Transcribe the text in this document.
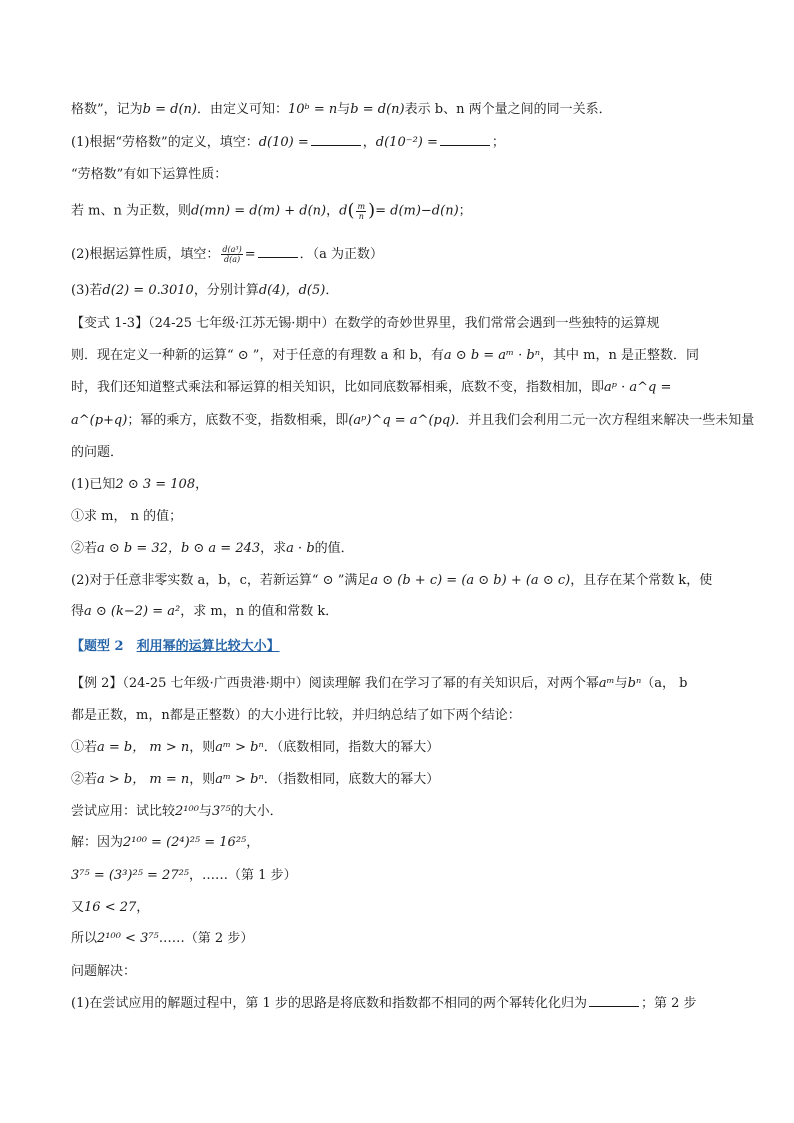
格数”，记为b = d(n)．由定义可知：10ᵇ = n与b = d(n)表示 b、n 两个量之间的同一关系．
(1)根据“劳格数”的定义，填空：d(10) =	，d(10⁻²) =	；
“劳格数”有如下运算性质：
若 m、n 为正数，则d(mn) = d(m) + d(n)，$d( \frac{m}{n}$ )= d(m)−d(n)；
(2)根据运算性质，填空： $\frac{\text{d(a³)}}{d(a)}$ =	．（a 为正数）
(3)若d(2) = 0.3010，分别计算d(4)，d(5)．
【变式 1-3】（24-25 七年级·江苏无锡·期中）在数学的奇妙世界里，我们常常会遇到一些独特的运算规
则．现在定义一种新的运算“ ⊙ ”，对于任意的有理数 a 和 b，有a ⊙ b = aᵐ · bⁿ，其中 m，n 是正整数．同
时，我们还知道整式乘法和幂运算的相关知识，比如同底数幂相乘，底数不变，指数相加，即aᵖ · a^q =
a^(p+q)；幂的乘方，底数不变，指数相乘，即(aᵖ)^q = a^(pq)．并且我们会利用二元一次方程组来解决一些未知量
的问题．
(1)已知2 ⊙ 3 = 108，
①求 m， n 的值；
②若a ⊙ b = 32，b ⊙ a = 243，求a · b的值．
(2)对于任意非零实数 a，b，c，若新运算“ ⊙ ”满足a ⊙ (b + c) = (a ⊙ b) + (a ⊙ c)，且存在某个常数 k，使
得a ⊙ (k−2) = a²，求 m，n 的值和常数 k．
【题型 2　利用幂的运算比较大小】
【例 2】（24-25 七年级·广西贵港·期中）阅读理解 我们在学习了幂的有关知识后，对两个幂aᵐ与bⁿ（a， b
都是正数，m，n都是正整数）的大小进行比较，并归纳总结了如下两个结论：
①若a = b， m > n，则aᵐ > bⁿ．（底数相同，指数大的幂大）
②若a > b， m = n，则aᵐ > bⁿ．（指数相同，底数大的幂大）
尝试应用：试比较2¹⁰⁰与3⁷⁵的大小．
解：因为2¹⁰⁰ = (2⁴)²⁵ = 16²⁵，
3⁷⁵ = (3³)²⁵ = 27²⁵，……（第 1 步）
又16 < 27，
所以2¹⁰⁰ < 3⁷⁵……（第 2 步）
问题解决：
(1)在尝试应用的解题过程中，第 1 步的思路是将底数和指数都不相同的两个幂转化化归为	；第 2 步
